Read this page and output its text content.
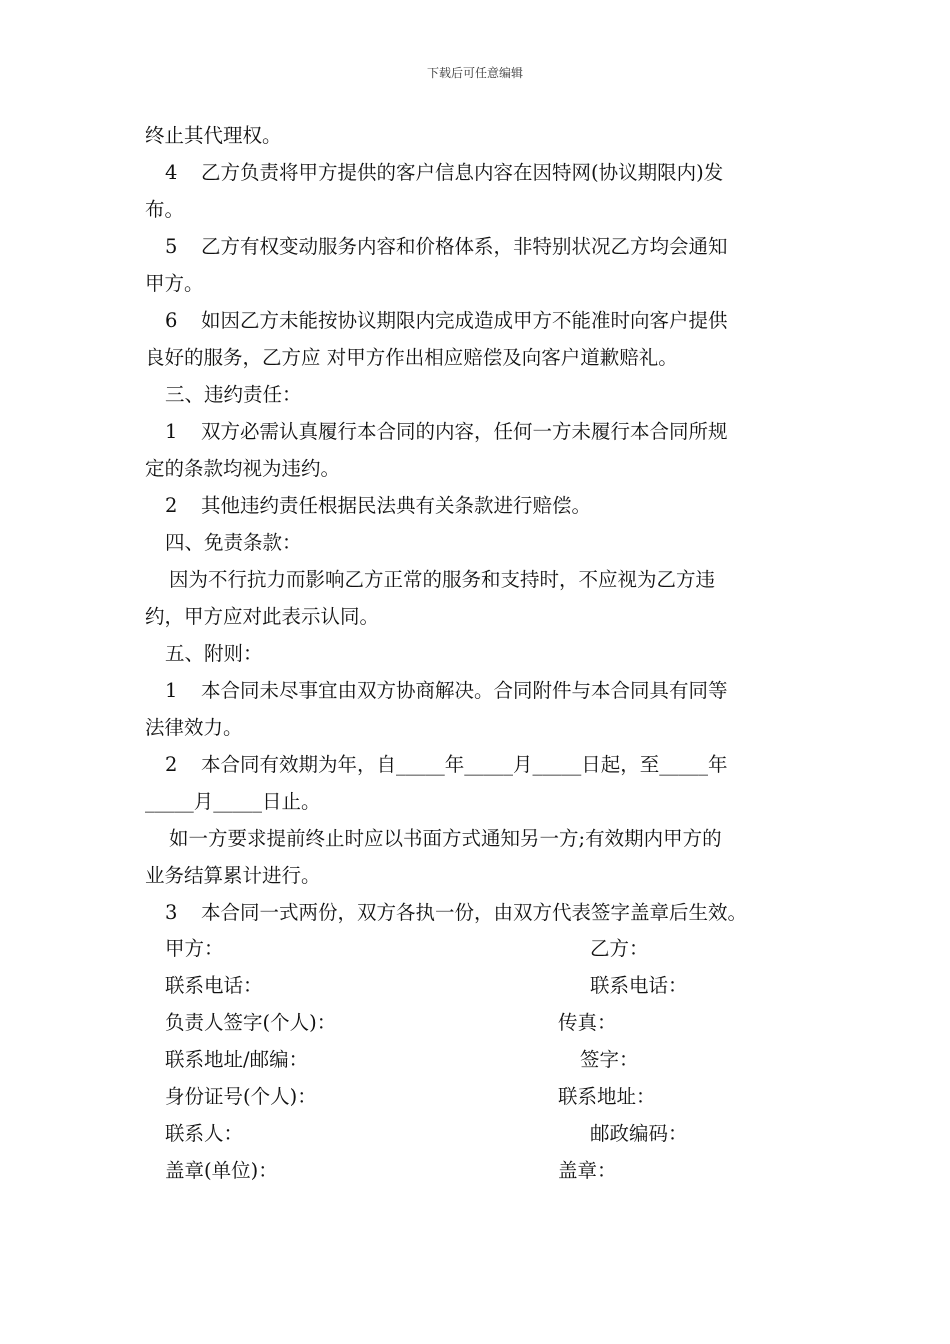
下载后可任意编辑

终止其代理权。

4 乙方负责将甲方提供的客户信息内容在因特网(协议期限内)发

布。

5 乙方有权变动服务内容和价格体系，非特别状况乙方均会通知

甲方。

6 如因乙方未能按协议期限内完成造成甲方不能准时向客户提供

良好的服务，乙方应 对甲方作出相应赔偿及向客户道歉赔礼。

三、违约责任：

1 双方必需认真履行本合同的内容，任何一方未履行本合同所规

定的条款均视为违约。

2 其他违约责任根据民法典有关条款进行赔偿。

四、免责条款：

因为不行抗力而影响乙方正常的服务和支持时，不应视为乙方违

约，甲方应对此表示认同。

五、附则：

1 本合同未尽事宜由双方协商解决。合同附件与本合同具有同等

法律效力。

2 本合同有效期为年，自_____年_____月_____日起，至_____年

_____月_____日止。

如一方要求提前终止时应以书面方式通知另一方;有效期内甲方的

业务结算累计进行。

3 本合同一式两份，双方各执一份，由双方代表签字盖章后生效。

甲方：	乙方：
联系电话：	联系电话：
负责人签字(个人)：	传真：
联系地址/邮编：	签字：
身份证号(个人)：	联系地址：
联系人：	邮政编码：
盖章(单位)：	盖章：
